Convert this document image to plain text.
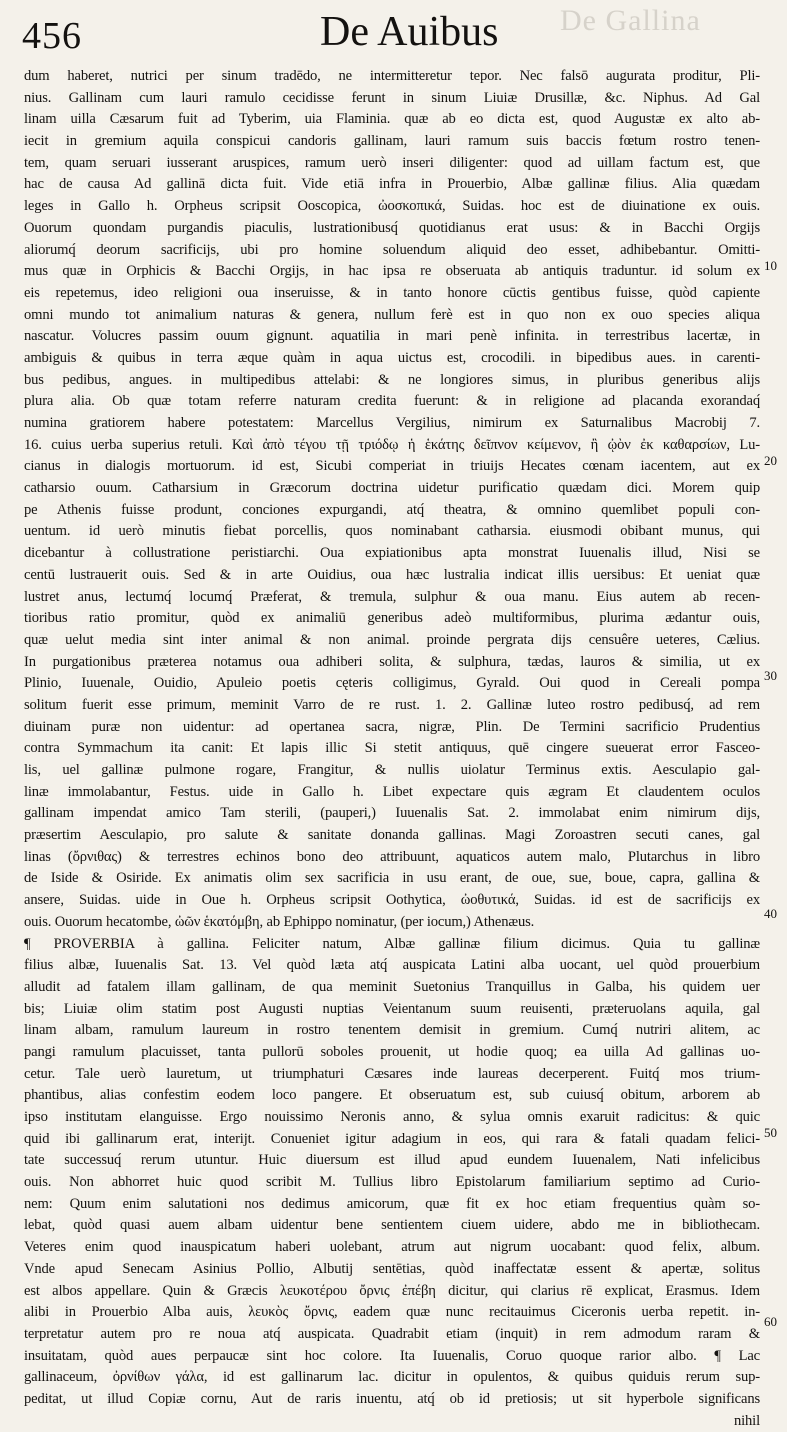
De Gallina
456	De Auibus
10
20
30
40
50
60
dum haberet, nutrici per sinum tradēdo, ne intermitteretur tepor. Nec falsō augurata proditur, Pli-
nius. Gallinam cum lauri ramulo cecidisse ferunt in sinum Liuiæ Drusillæ, &c. Niphus. Ad Gal
linam uilla Cæsarum fuit ad Tyberim, uia Flaminia. quæ ab eo dicta est, quod Augustæ ex alto ab-
iecit in gremium aquila conspicui candoris gallinam, lauri ramum suis baccis fœtum rostro tenen-
tem, quam seruari iusserant aruspices, ramum uerò inseri diligenter: quod ad uillam factum est, que
hac de causa Ad gallinā dicta fuit. Vide etiā infra in Prouerbio, Albæ gallinæ filius. Alia quædam
leges in Gallo h. Orpheus scripsit Ooscopica, ὠοσκοπικά, Suidas. hoc est de diuinatione ex ouis.
Ouorum quondam purgandis piaculis, lustrationibusq́ quotidianus erat usus: & in Bacchi Orgijs
aliorumq́ deorum sacrificijs, ubi pro homine soluendum aliquid deo esset, adhibebantur. Omitti-
mus quæ in Orphicis & Bacchi Orgijs, in hac ipsa re obseruata ab antiquis traduntur. id solum ex
eis repetemus, ideo religioni oua inseruisse, & in tanto honore cūctis gentibus fuisse, quòd capiente
omni mundo tot animalium naturas & genera, nullum ferè est in quo non ex ouo species aliqua
nascatur. Volucres passim ouum gignunt. aquatilia in mari penè infinita. in terrestribus lacertæ, in
ambiguis & quibus in terra æque quàm in aqua uictus est, crocodili. in bipedibus aues. in carenti-
bus pedibus, angues. in multipedibus attelabi: & ne longiores simus, in pluribus generibus alijs
plura alia. Ob quæ totam referre naturam credita fuerunt: & in religione ad placanda exorandaq́
numina gratiorem habere potestatem: Marcellus Vergilius, nimirum ex Saturnalibus Macrobij 7.
16. cuius uerba superius retuli. Καὶ ἀπὸ τέγου τῇ τριόδῳ ἡ ἑκάτης δεῖπνον κείμενον, ἢ ᾠὸν ἐκ καθαρσίων, Lu-
cianus in dialogis mortuorum. id est, Sicubi comperiat in triuijs Hecates cœnam iacentem, aut ex
catharsio ouum. Catharsium in Græcorum doctrina uidetur purificatio quædam dici. Morem quip
pe Athenis fuisse produnt, conciones expurgandi, atq́ theatra, & omnino quemlibet populi con-
uentum. id uerò minutis fiebat porcellis, quos nominabant catharsia. eiusmodi obibant munus, qui
dicebantur à collustratione peristiarchi. Oua expiationibus apta monstrat Iuuenalis illud, Nisi se
centū lustrauerit ouis. Sed & in arte Ouidius, oua hæc lustralia indicat illis uersibus: Et ueniat quæ
lustret anus, lectumq́ locumq́ Præferat, & tremula, sulphur & oua manu. Eius autem ab recen-
tioribus ratio promitur, quòd ex animaliū generibus adeò multiformibus, plurima ædantur ouis,
quæ uelut media sint inter animal & non animal. proinde pergrata dijs censuêre ueteres, Cælius.
In purgationibus præterea notamus oua adhiberi solita, & sulphura, tædas, lauros & similia, ut ex
Plinio, Iuuenale, Ouidio, Apuleio poetis cęteris colligimus, Gyrald. Oui quod in Cereali pompa
solitum fuerit esse primum, meminit Varro de re rust. 1. 2. Gallinæ luteo rostro pedibusq́, ad rem
diuinam puræ non uidentur: ad opertanea sacra, nigræ, Plin. De Termini sacrificio Prudentius
contra Symmachum ita canit: Et lapis illic Si stetit antiquus, quē cingere sueuerat error Fasceo-
lis, uel gallinæ pulmone rogare, Frangitur, & nullis uiolatur Terminus extis. Aesculapio gal-
linæ immolabantur, Festus. uide in Gallo h. Libet expectare quis ægram Et claudentem oculos
gallinam impendat amico Tam sterili, (pauperi,) Iuuenalis Sat. 2. immolabat enim nimirum dijs,
præsertim Aesculapio, pro salute & sanitate donanda gallinas. Magi Zoroastren secuti canes, gal
linas (ὄρνιθας) & terrestres echinos bono deo attribuunt, aquaticos autem malo, Plutarchus in libro
de Iside & Osiride. Ex animatis olim sex sacrificia in usu erant, de oue, sue, boue, capra, gallina &
ansere, Suidas. uide in Oue h. Orpheus scripsit Oothytica, ὠοθυτικά, Suidas. id est de sacrificijs ex
ouis. Ouorum hecatombe, ὠῶν ἑκατόμβη, ab Ephippo nominatur, (per iocum,) Athenæus.
¶ PROVERBIA à gallina. Feliciter natum, Albæ gallinæ filium dicimus. Quia tu gallinæ
filius albæ, Iuuenalis Sat. 13. Vel quòd læta atq́ auspicata Latini alba uocant, uel quòd prouerbium
alludit ad fatalem illam gallinam, de qua meminit Suetonius Tranquillus in Galba, his quidem uer
bis; Liuiæ olim statim post Augusti nuptias Veientanum suum reuisenti, præteruolans aquila, gal
linam albam, ramulum laureum in rostro tenentem demisit in gremium. Cumq́ nutriri alitem, ac
pangi ramulum placuisset, tanta pullorū soboles prouenit, ut hodie quoq; ea uilla Ad gallinas uo-
cetur. Tale uerò lauretum, ut triumphaturi Cæsares inde laureas decerperent. Fuitq́ mos trium-
phantibus, alias confestim eodem loco pangere. Et obseruatum est, sub cuiusq́ obitum, arborem ab
ipso institutam elanguisse. Ergo nouissimo Neronis anno, & sylua omnis exaruit radicitus: & quic
quid ibi gallinarum erat, interijt. Conueniet igitur adagium in eos, qui rara & fatali quadam felici-
tate successuq́ rerum utuntur. Huic diuersum est illud apud eundem Iuuenalem, Nati infelicibus
ouis. Non abhorret huic quod scribit M. Tullius libro Epistolarum familiarium septimo ad Curio-
nem: Quum enim salutationi nos dedimus amicorum, quæ fit ex hoc etiam frequentius quàm so-
lebat, quòd quasi auem albam uidentur bene sentientem ciuem uidere, abdo me in bibliothecam.
Veteres enim quod inauspicatum haberi uolebant, atrum aut nigrum uocabant: quod felix, album.
Vnde apud Senecam Asinius Pollio, Albutij sentētias, quòd inaffectatæ essent & apertæ, solitus
est albos appellare. Quin & Græcis λευκοτέρου ὄρνις ἐπέβη dicitur, qui clarius rē explicat, Erasmus. Idem
alibi in Prouerbio Alba auis, λευκὸς ὄρνις, eadem quæ nunc recitauimus Ciceronis uerba repetit. in-
terpretatur autem pro re noua atq́ auspicata. Quadrabit etiam (inquit) in rem admodum raram &
insuitatam, quòd aues perpaucæ sint hoc colore. Ita Iuuenalis, Coruo quoque rarior albo. ¶ Lac
gallinaceum, ὀρνίθων γάλα, id est gallinarum lac. dicitur in opulentos, & quibus quiduis rerum sup-
peditat, ut illud Copiæ cornu, Aut de raris inuentu, atq́ ob id pretiosis; ut sit hyperbole significans
nihil
